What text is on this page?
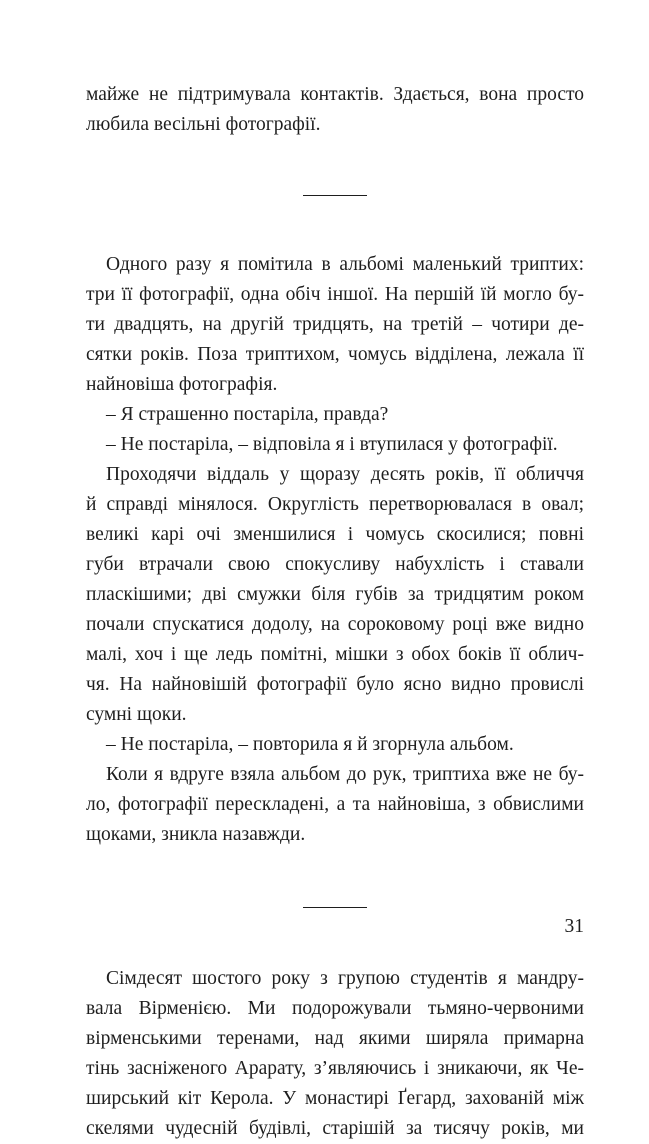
майже не підтримувала контактів. Здається, вона просто
любила весільні фотографії.
Одного разу я помітила в альбомі маленький триптих:
три її фотографії, одна обіч іншої. На першій їй могло бу-
ти двадцять, на другій тридцять, на третій – чотири де-
сятки років. Поза триптихом, чомусь відділена, лежала її
найновіша фотографія.
– Я страшенно постаріла, правда?
– Не постаріла, – відповіла я і втупилася у фотографії.
Проходячи віддаль у щоразу десять років, її обличчя
й справді мінялося. Округлість перетворювалася в овал;
великі карі очі зменшилися і чомусь скосилися; повні
губи втрачали свою спокусливу набухлість і ставали
плаcкішими; дві смужки біля губів за тридцятим роком
почали спускатися додолу, на сороковому році вже видно
малі, хоч і ще ледь помітні, мішки з обох боків її облич-
чя. На найновішій фотографії було ясно видно провислі
сумні щоки.
– Не постаріла, – повторила я й згорнула альбом.
Коли я вдруге взяла альбом до рук, триптиха вже не бу-
ло, фотографії перескладені, а та найновіша, з обвислими
щоками, зникла назавжди.
Сімдесят шостого року з групою студентів я мандру-
вала Вірменією. Ми подорожували тьмяно-червоними
вірменськими теренами, над якими ширяла примарна
тінь засніженого Арарату, з’являючись і зникаючи, як Че-
ширський кіт Керола. У монастирі Ґегард, захованій між
скелями чудесній будівлі, старішій за тисячу років, ми
31
